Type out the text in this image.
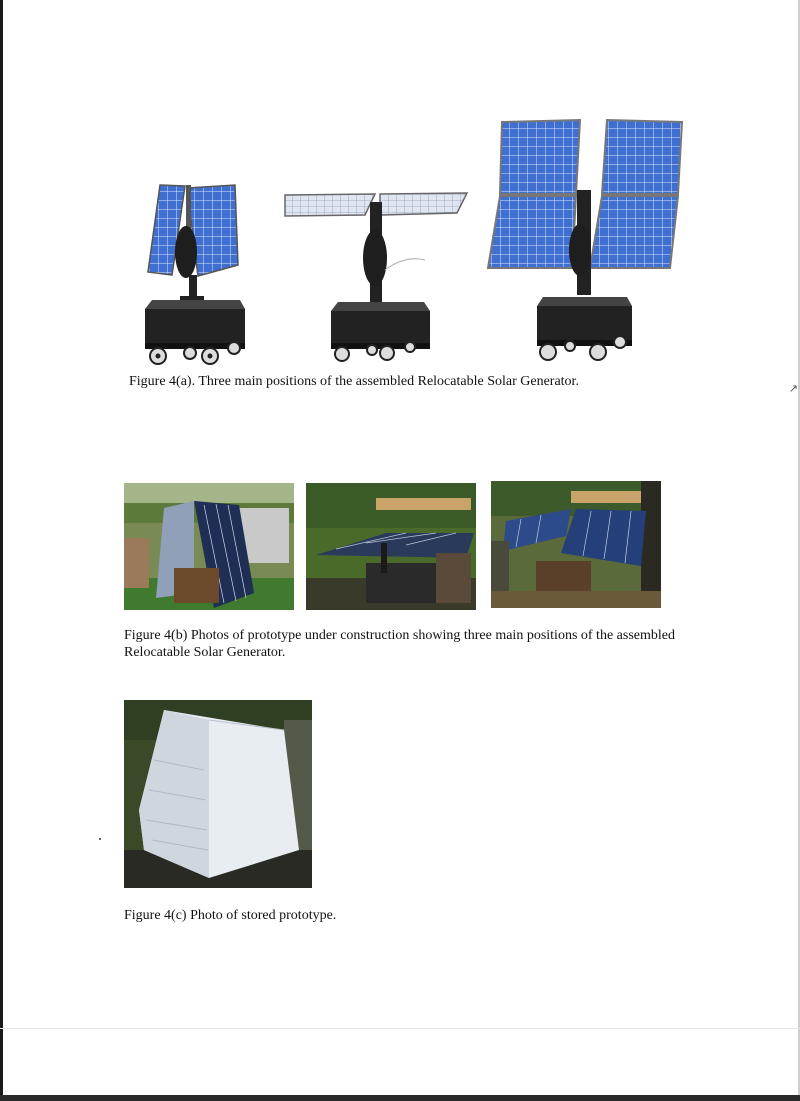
↗
Figure 4(a). Three main positions of the assembled Relocatable Solar Generator.
Figure 4(b) Photos of prototype under construction showing three main positions of the assembled Relocatable Solar Generator.
Figure 4(c) Photo of stored prototype.
